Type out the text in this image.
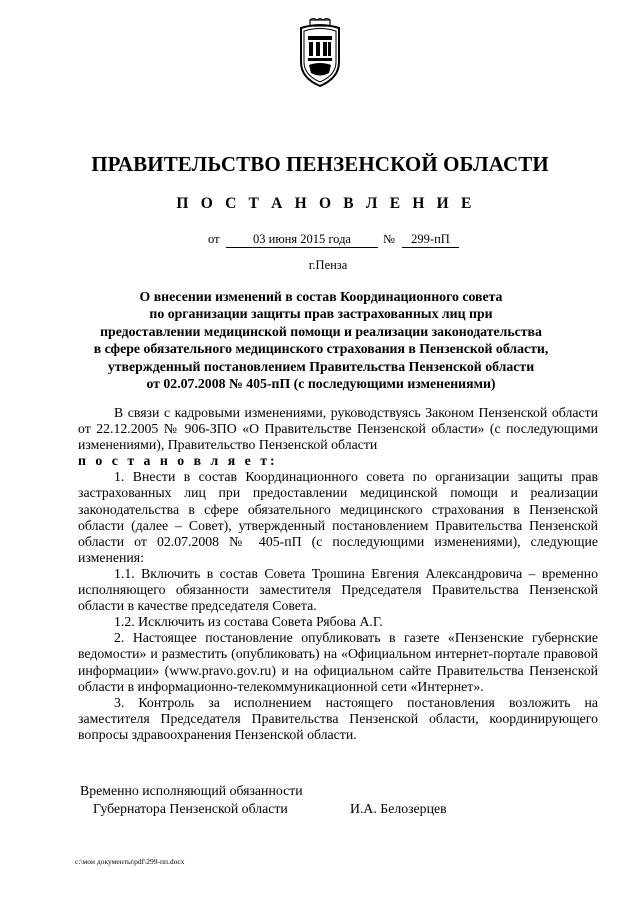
ПРАВИТЕЛЬСТВО ПЕНЗЕНСКОЙ ОБЛАСТИ
П О С Т А Н О В Л Е Н И Е
от	03 июня 2015 года	№	299-пП
г.Пенза
О внесении изменений в состав Координационного совета
по организации защиты прав застрахованных лиц при
предоставлении медицинской помощи и реализации законодательства
в сфере обязательного медицинского страхования в Пензенской области,
утвержденный постановлением Правительства Пензенской области
от 02.07.2008 № 405-пП (с последующими изменениями)

В связи с кадровыми изменениями, руководствуясь Законом Пензенской области от 22.12.2005 № 906-ЗПО «О Правительстве Пензенской области» (с последующими изменениями), Правительство Пензенской области

п о с т а н о в л я е т:

1. Внести в состав Координационного совета по организации защиты прав застрахованных лиц при предоставлении медицинской помощи и реализации законодательства в сфере обязательного медицинского страхования в Пензенской области (далее – Совет), утвержденный постановлением Правительства Пензенской области от 02.07.2008 № 405-пП (с последующими изменениями), следующие изменения:

1.1. Включить в состав Совета Трошина Евгения Александровича – временно исполняющего обязанности заместителя Председателя Правительства Пензенской области в качестве председателя Совета.

1.2. Исключить из состава Совета Рябова А.Г.

2. Настоящее постановление опубликовать в газете «Пензенские губернские ведомости» и разместить (опубликовать) на «Официальном интернет-портале правовой информации» (www.pravo.gov.ru) и на официальном сайте Правительства Пензенской области в информационно-телекоммуникационной сети «Интернет».

3. Контроль за исполнением настоящего постановления возложить на заместителя Председателя Правительства Пензенской области, координирующего вопросы здравоохранения Пензенской области.

Временно исполняющий обязанности
Губернатора Пензенской области	И.А. Белозерцев
c:\мои документы\pdf\299-пп.docx
